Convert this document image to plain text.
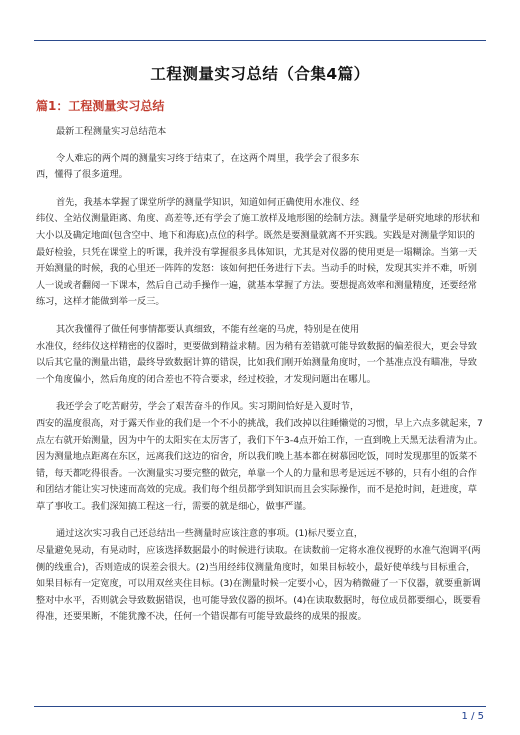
工程测量实习总结（合集4篇）
篇1：工程测量实习总结

最新工程测量实习总结范本

令人难忘的两个周的测量实习终于结束了，在这两个周里，我学会了很多东
西，懂得了很多道理。
首先，我基本掌握了课堂所学的测量学知识，知道如何正确使用水准仪、经
纬仪、全站仪测量距离、角度、高差等,还有学会了施工放样及地形图的绘制方法。测量学是研究地球的形状和大小以及确定地面(包含空中、地下和海底)点位的科学。既然是要测量就离不开实践。实践是对测量学知识的最好检验，只凭在课堂上的听课，我并没有掌握很多具体知识，尤其是对仪器的使用更是一塌糊涂。当第一天开始测量的时候，我的心里还一阵阵的发怒：该如何把任务进行下去。当动手的时候，发现其实并不难，听别人一说或者翻阅一下课本，然后自己动手操作一遍，就基本掌握了方法。要想提高效率和测量精度，还要经常练习，这样才能做到举一反三。
其次我懂得了做任何事情都要认真细致，不能有丝毫的马虎，特别是在使用
水准仪，经纬仪这样精密的仪器时，更要做到精益求精。因为稍有差错就可能导致数据的偏差很大，更会导致以后其它量的测量出错，最终导致数据计算的错误，比如我们刚开始测量角度时，一个基准点没有瞄准，导致一个角度偏小，然后角度的闭合差也不符合要求，经过校验，才发现问题出在哪儿。
我还学会了吃苦耐劳，学会了艰苦奋斗的作风。实习期间恰好是入夏时节，
西安的温度很高，对于露天作业的我们是一个不小的挑战，我们改掉以往睡懒觉的习惯，早上六点多就起来，7点左右就开始测量，因为中午的太阳实在太厉害了，我们下午3-4点开始工作，一直到晚上天黑无法看清为止。因为测量地点距离在东区，远离我们这边的宿舍，所以我们晚上基本都在树慕园吃饭，同时发现那里的饭菜不错，每天都吃得很香。一次测量实习要完整的做完，单靠一个人的力量和思考是远远不够的，只有小组的合作和团结才能让实习快速而高效的完成。我们每个组员都学到知识而且会实际操作，而不是抢时间，赶进度，草草了事收工。我们深知搞工程这一行，需要的就是细心，做事严谨。
通过这次实习我自己还总结出一些测量时应该注意的事项。(1)标尺要立直，
尽量避免晃动，有晃动时，应该选择数据最小的时候进行读取。在读数前一定将水准仪视野的水准气泡调平(两侧的线重合)，否则造成的误差会很大。(2)当用经纬仪测量角度时，如果目标较小，最好使单线与目标重合，如果目标有一定宽度，可以用双丝夹住目标。(3)在测量时候一定要小心，因为稍微碰了一下仪器，就要重新调整对中水平，否则就会导致数据错误，也可能导致仪器的损坏。(4)在读取数据时，每位成员都要细心，既要看得准，还要果断，不能犹豫不决，任何一个错误都有可能导致最终的成果的报废。
1 / 5
